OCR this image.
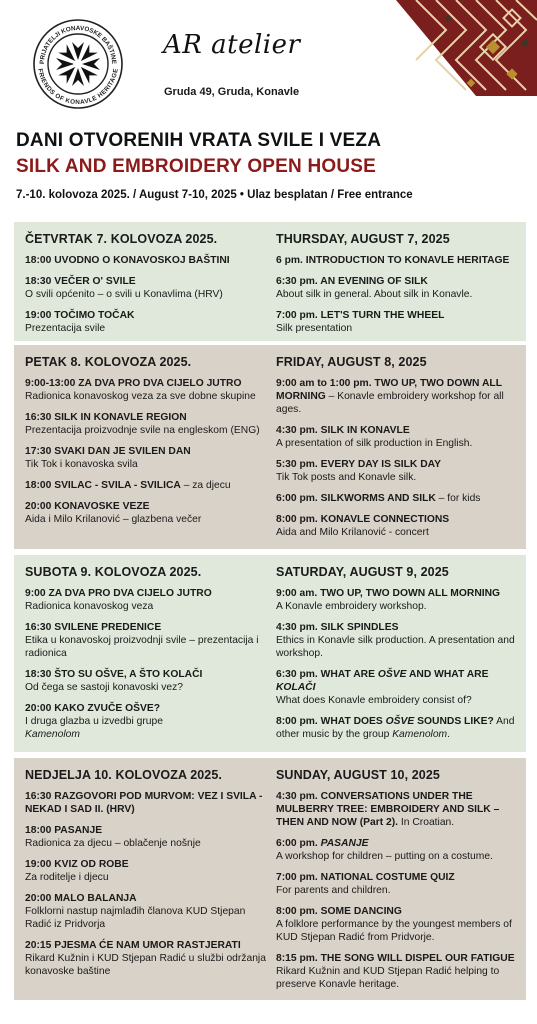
PRIJATELJI KONAVOSKE BAŠTINE
FRIENDS OF KONAVLE HERITAGE
AR atelier
Gruda 49, Gruda, Konavle
DANI OTVORENIH VRATA SVILE I VEZA
SILK AND EMBROIDERY OPEN HOUSE
7.-10. kolovoza 2025. / August 7-10, 2025 • Ulaz besplatan / Free entrance
ČETVRTAK 7. KOLOVOZA 2025.
18:00 UVODNO O KONAVOSKOJ BAŠTINI
18:30 VEČER O' SVILE
O svili općenito – o svili u Konavlima (HRV)
19:00 TOČIMO TOČAK
Prezentacija svile
THURSDAY, AUGUST 7, 2025
6 pm. INTRODUCTION TO KONAVLE HERITAGE
6:30 pm. AN EVENING OF SILK
About silk in general. About silk in Konavle.
7:00 pm. LET'S TURN THE WHEEL
Silk presentation
PETAK 8. KOLOVOZA 2025.
9:00-13:00 ZA DVA PRO DVA CIJELO JUTRO
Radionica konavoskog veza za sve dobne skupine
16:30 SILK IN KONAVLE REGION
Prezentacija proizvodnje svile na engleskom (ENG)
17:30 SVAKI DAN JE SVILEN DAN
Tik Tok i konavoska svila
18:00 SVILAC - SVILA - SVILICA – za djecu
20:00 KONAVOSKE VEZE
Aida i Milo Krilanović – glazbena večer
FRIDAY, AUGUST 8, 2025
9:00 am to 1:00 pm. TWO UP, TWO DOWN ALL MORNING – Konavle embroidery workshop for all ages.
4:30 pm. SILK IN KONAVLE
A presentation of silk production in English.
5:30 pm. EVERY DAY IS SILK DAY
Tik Tok posts and Konavle silk.
6:00 pm. SILKWORMS AND SILK – for kids
8:00 pm. KONAVLE CONNECTIONS
Aida and Milo Krilanović - concert
SUBOTA 9. KOLOVOZA 2025.
9:00 ZA DVA PRO DVA CIJELO JUTRO
Radionica konavoskog veza
16:30 SVILENE PREDENICE
Etika u konavoskoj proizvodnji svile – prezentacija i radionica
18:30 ŠTO SU OŠVE, A ŠTO KOLAČI
Od čega se sastoji konavoski vez?
20:00 KAKO ZVUČE OŠVE?
I druga glazba u izvedbi grupe
Kamenolom
SATURDAY, AUGUST 9, 2025
9:00 am. TWO UP, TWO DOWN ALL MORNING
A Konavle embroidery workshop.
4:30 pm. SILK SPINDLES
Ethics in Konavle silk production. A presentation and workshop.
6:30 pm. WHAT ARE OŠVE AND WHAT ARE KOLAČI
What does Konavle embroidery consist of?
8:00 pm. WHAT DOES OŠVE SOUNDS LIKE? And other music by the group Kamenolom.
NEDJELJA 10. KOLOVOZA 2025.
16:30 RAZGOVORI POD MURVOM: VEZ I SVILA - NEKAD I SAD II. (HRV)
18:00 PASANJE
Radionica za djecu – oblačenje nošnje
19:00 KVIZ OD ROBE
Za roditelje i djecu
20:00 MALO BALANJA
Folklorni nastup najmlađih članova KUD Stjepan Radić iz Pridvorja
20:15 PJESMA ĆE NAM UMOR RASTJERATI
Rikard Kužnin i KUD Stjepan Radić u službi održanja konavoske baštine
SUNDAY, AUGUST 10, 2025
4:30 pm. CONVERSATIONS UNDER THE MULBERRY TREE: EMBROIDERY AND SILK – THEN AND NOW (Part 2). In Croatian.
6:00 pm. PASANJE
A workshop for children – putting on a costume.
7:00 pm. NATIONAL COSTUME QUIZ
For parents and children.
8:00 pm. SOME DANCING
A folklore performance by the youngest members of KUD Stjepan Radić from Pridvorje.
8:15 pm. THE SONG WILL DISPEL OUR FATIGUE
Rikard Kužnin and KUD Stjepan Radić helping to preserve Konavle heritage.
